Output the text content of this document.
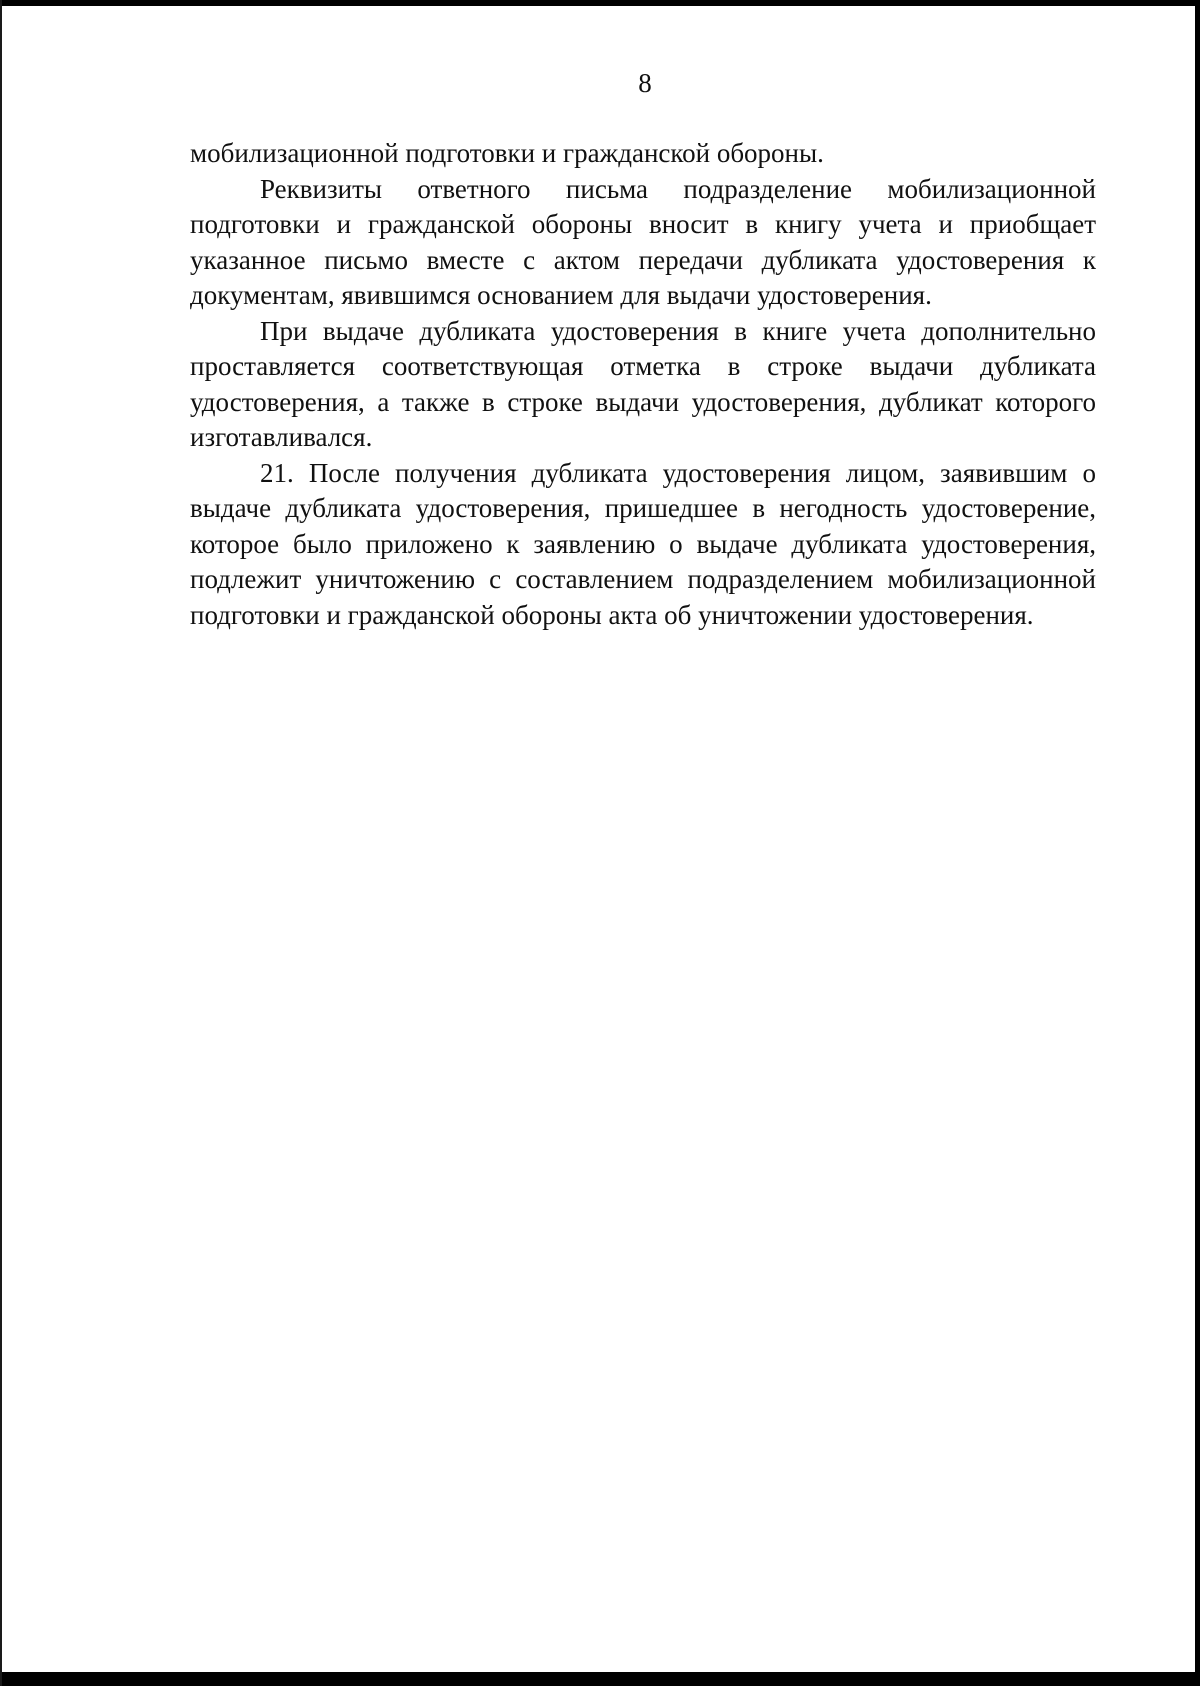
8

мобилизационной подготовки и гражданской обороны.

Реквизиты ответного письма подразделение мобилизационной подготовки и гражданской обороны вносит в книгу учета и приобщает указанное письмо вместе с актом передачи дубликата удостоверения к документам, явившимся основанием для выдачи удостоверения.

При выдаче дубликата удостоверения в книге учета дополнительно проставляется соответствующая отметка в строке выдачи дубликата удостоверения, а также в строке выдачи удостоверения, дубликат которого изготавливался.

21. После получения дубликата удостоверения лицом, заявившим о выдаче дубликата удостоверения, пришедшее в негодность удостоверение, которое было приложено к заявлению о выдаче дубликата удостоверения, подлежит уничтожению с составлением подразделением мобилизационной подготовки и гражданской обороны акта об уничтожении удостоверения.
